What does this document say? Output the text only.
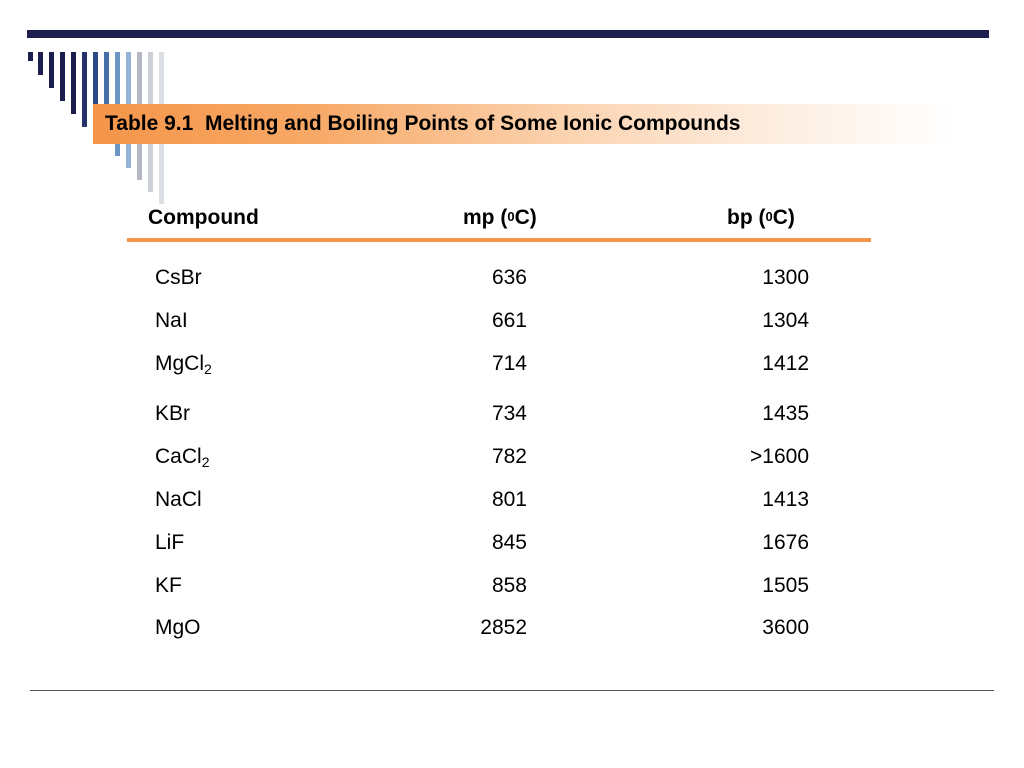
Table 9.1  Melting and Boiling Points of Some Ionic Compounds
Compound	mp ($^0$C)	bp ($^0$C)
CsBr	636	1300
NaI	661	1304
MgCl$_2$	714	1412
KBr	734	1435
CaCl$_2$	782	>1600
NaCl	801	1413
LiF	845	1676
KF	858	1505
MgO	2852	3600
